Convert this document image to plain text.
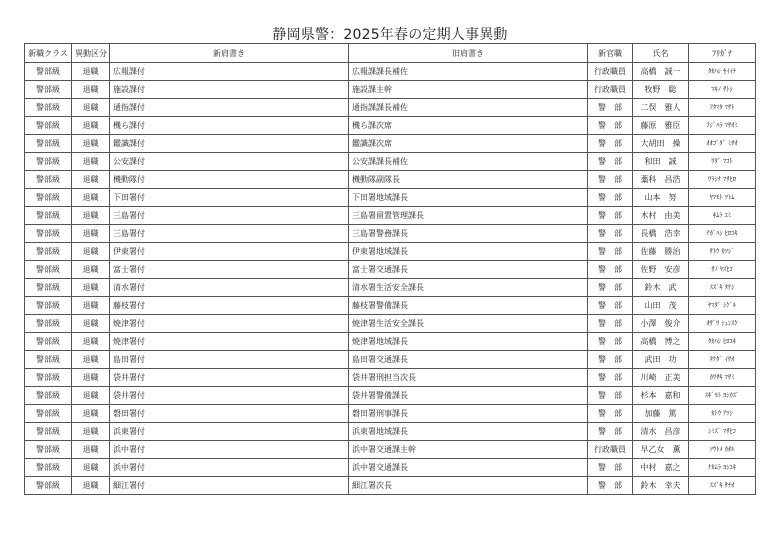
静岡県警：2025年春の定期人事異動
新職クラス	異動区分	新肩書き	旧肩書き	新官職	氏名	ﾌﾘｶﾞﾅ
警部級	退職	広報課付	広報課課長補佐	行政職員	高橋　誠一	ﾀｶﾊｼ ｾｲｲﾁ
警部級	退職	施設課付	施設課主幹	行政職員	牧野　聡	ﾏｷﾉ ｻﾄｼ
警部級	退職	通指課付	通指課課長補佐	警　部	二俣　雅人	ﾌﾀﾏﾀ ﾏｻﾄ
警部級	退職	機ら課付	機ら課次席	警　部	藤原　雅臣	ﾌｼﾞﾊﾗ ﾏｻｵﾐ
警部級	退職	鑑識課付	鑑識課次席	警　部	大胡田　操	ｵｵｺﾞﾀﾞ ﾐｻｵ
警部級	退職	公安課付	公安課課長補佐	警　部	和田　誠	ﾜﾀﾞ ﾏｺﾄ
警部級	退職	機動隊付	機動隊副隊長	警　部	藁科　昌浩	ﾜﾗｼﾅ ﾏｻﾋﾛ
警部級	退職	下田署付	下田署地域課長	警　部	山本　努	ﾔﾏﾓﾄ ﾂﾄﾑ
警部級	退職	三島署付	三島署留置管理課長	警　部	木村　由美	ｷﾑﾗ ﾕﾐ
警部級	退職	三島署付	三島署警務課長	警　部	長橋　浩幸	ﾅｶﾞﾊｼ ﾋﾛﾕｷ
警部級	退職	伊東署付	伊東署地域課長	警　部	佐藤　勝治	ｻﾄｳ ｶﾂｼﾞ
警部級	退職	富士署付	富士署交通課長	警　部	佐野　安彦	ｻﾉ ﾔｽﾋｺ
警部級	退職	清水署付	清水署生活安全課長	警　部	鈴木　武	ｽｽﾞｷ ﾀｹｼ
警部級	退職	藤枝署付	藤枝署警備課長	警　部	山田　茂	ﾔﾏﾀﾞ ｼｹﾞﾙ
警部級	退職	焼津署付	焼津署生活安全課長	警　部	小澤　俊介	ｵｻﾞﾜ ｼｭﾝｽｹ
警部級	退職	焼津署付	焼津署地域課長	警　部	高橋　博之	ﾀｶﾊｼ ﾋﾛﾕｷ
警部級	退職	島田署付	島田署交通課長	警　部	武田　功	ﾀｹﾀﾞ ｲｻｵ
警部級	退職	袋井署付	袋井署刑担当次長	警　部	川崎　正美	ｶﾜｻｷ ﾏｻﾐ
警部級	退職	袋井署付	袋井署警備課長	警　部	杉本　嘉和	ｽｷﾞﾓﾄ ﾖｼｶｽﾞ
警部級	退職	磐田署付	磐田署刑事課長	警　部	加藤　篤	ｶﾄｳ ｱﾂｼ
警部級	退職	浜東署付	浜東署地域課長	警　部	清水　昌彦	ｼﾐｽﾞ ﾏｻﾋｺ
警部級	退職	浜中署付	浜中署交通課主幹	行政職員	早乙女　薫	ｿｳﾄﾒ ｶｵﾙ
警部級	退職	浜中署付	浜中署交通課長	警　部	中村　嘉之	ﾅｶﾑﾗ ﾖｼﾕｷ
警部級	退職	細江署付	細江署次長	警　部	鈴木　幸夫	ｽｽﾞｷ ｻﾁｵ
